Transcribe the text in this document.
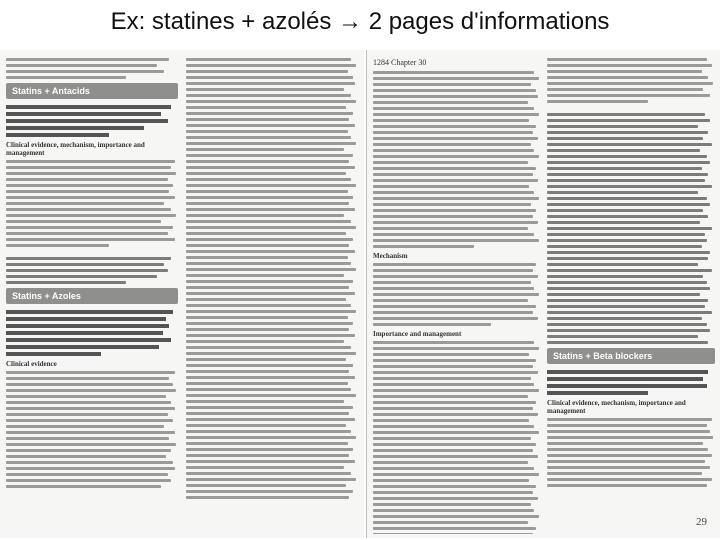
Ex: statines + azolés → 2 pages d'informations
Statins + Antacids
Clinical evidence, mechanism, importance and management
Statins + Azoles
Clinical evidence
1284 Chapter 30
Mechanism
Importance and management
Statins + Beta blockers
Clinical evidence, mechanism, importance and management
29
